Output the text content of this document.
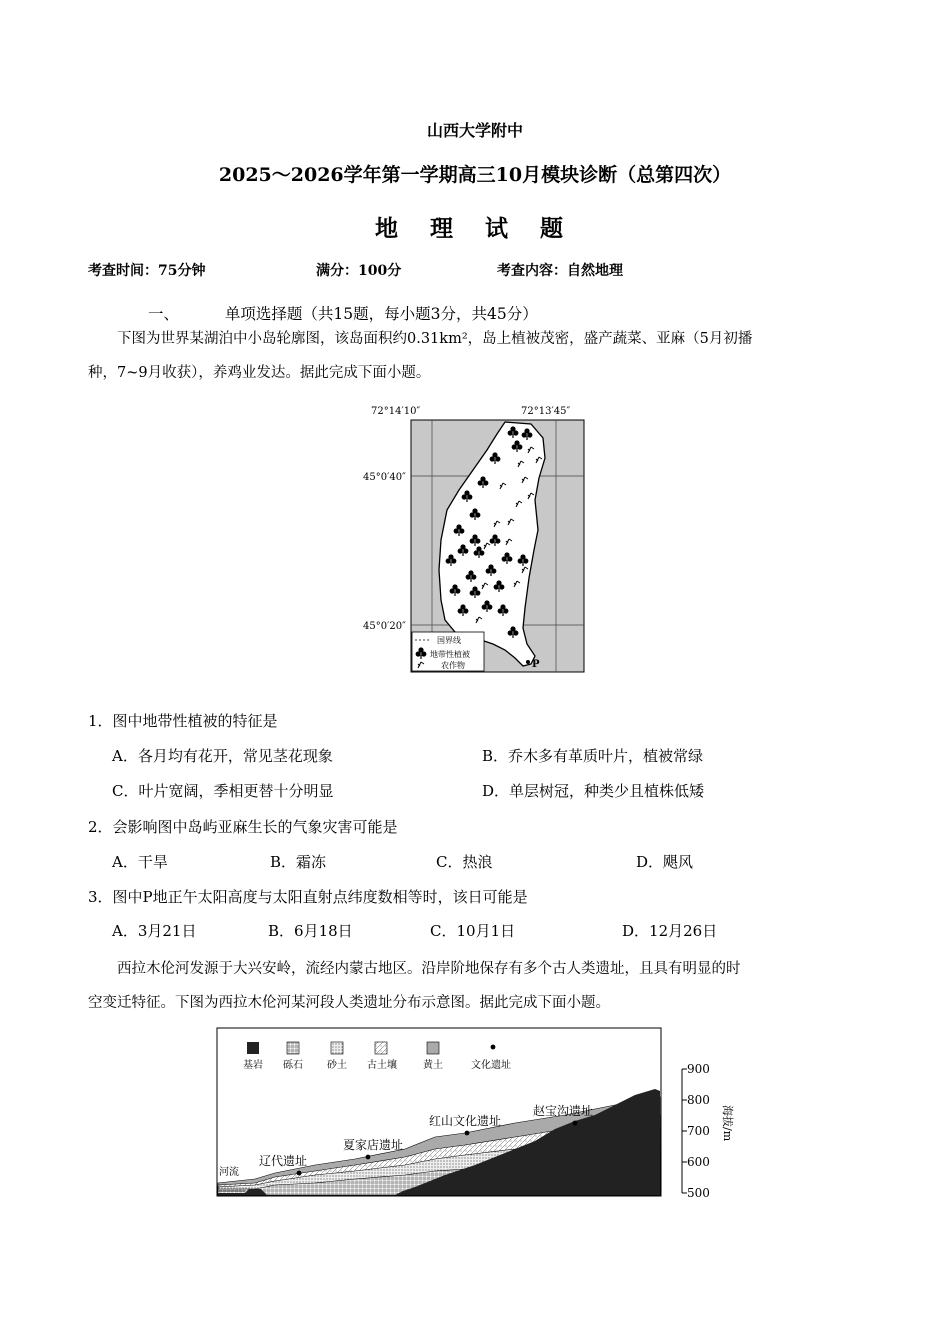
山西大学附中
2025～2026学年第一学期高三10月模块诊断（总第四次）
地 理 试 题
考查时间：75分钟	满分：100分	考查内容：自然地理
一、	单项选择题（共15题，每小题3分，共45分）
下图为世界某湖泊中小岛轮廓图，该岛面积约0.31km²，岛上植被茂密，盛产蔬菜、亚麻（5月初播
种，7~9月收获），养鸡业发达。据此完成下面小题。
72°14′10″	72°13′45″
45°0′40″
45°0′20″
国界线
地带性植被
农作物	P
1．图中地带性植被的特征是
A．各月均有花开，常见茎花现象	B．乔木多有革质叶片，植被常绿
C．叶片宽阔，季相更替十分明显	D．单层树冠，种类少且植株低矮
2．会影响图中岛屿亚麻生长的气象灾害可能是
A．干旱	B．霜冻	C．热浪	D．飓风
3．图中P地正午太阳高度与太阳直射点纬度数相等时，该日可能是
A．3月21日	B．6月18日	C．10月1日	D．12月26日
西拉木伦河发源于大兴安岭，流经内蒙古地区。沿岸阶地保存有多个古人类遗址，且具有明显的时
空变迁特征。下图为西拉木伦河某河段人类遗址分布示意图。据此完成下面小题。
基岩 砾石 砂土 古土壤	黄土	文化遗址
辽代遗址
夏家店遗址
红山文化遗址
赵宝沟遗址
河流
900
800
700
600
500
海拔/m
